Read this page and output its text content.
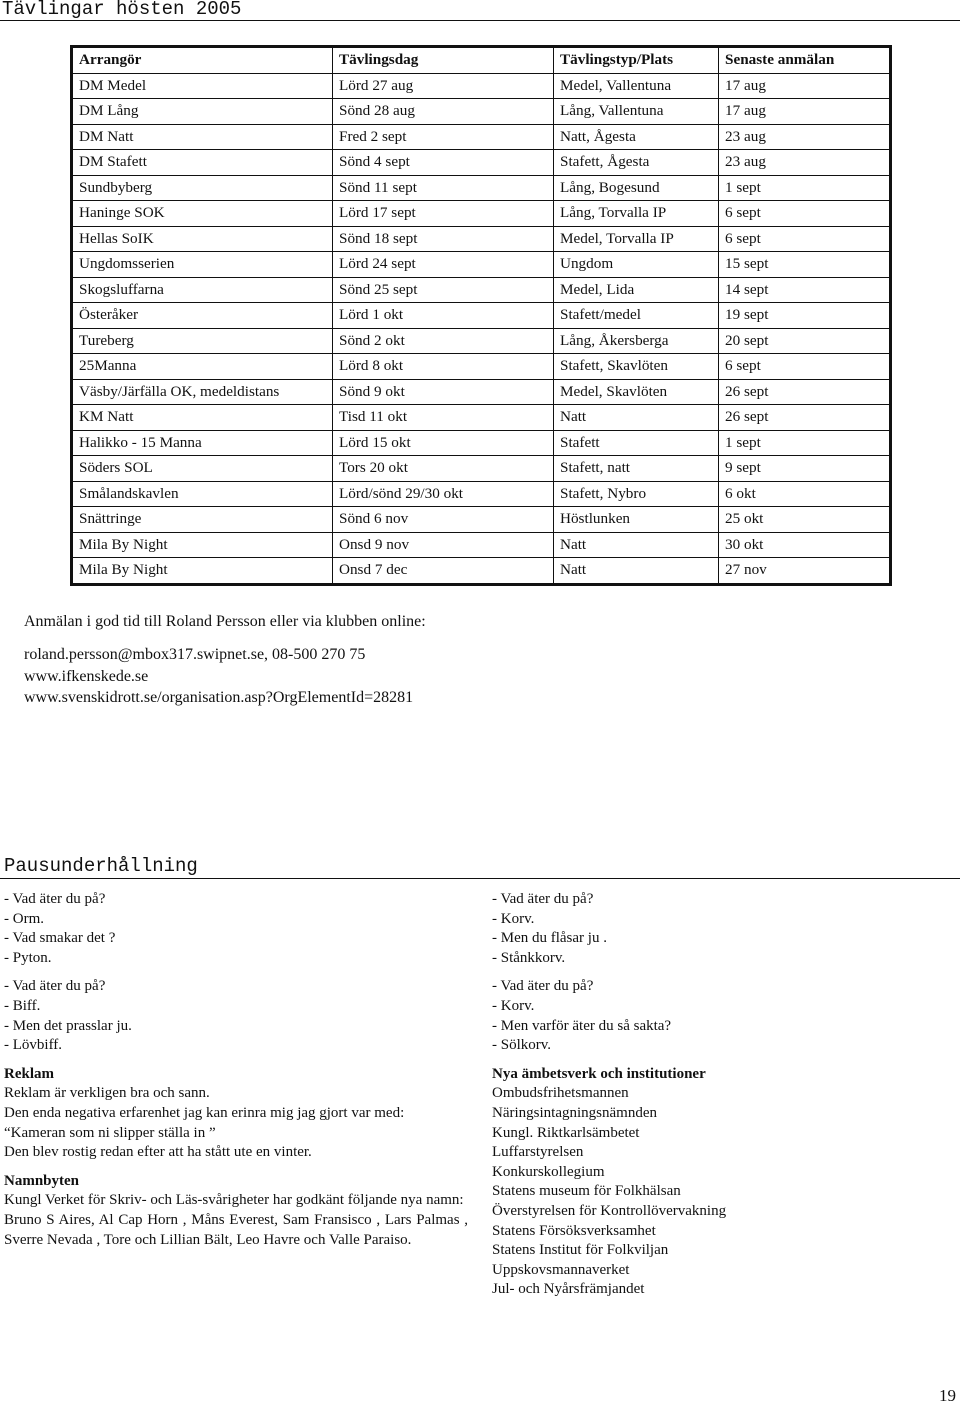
Tävlingar hösten 2005
Arrangör	Tävlingsdag	Tävlingstyp/Plats	Senaste anmälan
DM Medel	Lörd 27 aug	Medel, Vallentuna	17 aug
DM Lång	Sönd 28 aug	Lång, Vallentuna	17 aug
DM Natt	Fred 2 sept	Natt, Ågesta	23 aug
DM Stafett	Sönd 4 sept	Stafett, Ågesta	23 aug
Sundbyberg	Sönd 11 sept	Lång, Bogesund	1 sept
Haninge SOK	Lörd 17 sept	Lång, Torvalla IP	6 sept
Hellas SoIK	Sönd 18 sept	Medel, Torvalla IP	6 sept
Ungdomsserien	Lörd 24 sept	Ungdom	15 sept
Skogsluffarna	Sönd 25 sept	Medel, Lida	14 sept
Österåker	Lörd 1 okt	Stafett/medel	19 sept
Tureberg	Sönd 2 okt	Lång, Åkersberga	20 sept
25Manna	Lörd 8 okt	Stafett, Skavlöten	6 sept
Väsby/Järfälla OK, medeldistans	Sönd 9 okt	Medel, Skavlöten	26 sept
KM Natt	Tisd 11 okt	Natt	26 sept
Halikko - 15 Manna	Lörd 15 okt	Stafett	1 sept
Söders SOL	Tors 20 okt	Stafett, natt	9 sept
Smålandskavlen	Lörd/sönd 29/30 okt	Stafett, Nybro	6 okt
Snättringe	Sönd 6 nov	Höstlunken	25 okt
Mila By Night	Onsd 9 nov	Natt	30 okt
Mila By Night	Onsd 7 dec	Natt	27 nov
Anmälan i god tid till Roland Persson eller via klubben online:
roland.persson@mbox317.swipnet.se, 08-500 270 75
www.ifkenskede.se
www.svenskidrott.se/organisation.asp?OrgElementId=28281
Pausunderhållning
- Vad äter du på?
- Orm.
- Vad smakar det ?
- Pyton.
- Vad äter du på?
- Biff.
- Men det prasslar ju.
- Lövbiff.
Reklam
Reklam är verkligen bra och sann.
Den enda negativa erfarenhet jag kan erinra mig jag gjort var med:
“Kameran som ni slipper ställa in ”
Den blev rostig redan efter att ha stått ute en vinter.
Namnbyten
Kungl Verket för Skriv- och Läs-svårigheter har godkänt följande nya namn:
Bruno S Aires, Al Cap Horn , Måns Everest, Sam Fransisco , Lars Palmas , Sverre Nevada , Tore och Lillian Bält, Leo Havre och Valle Paraiso.
- Vad äter du på?
- Korv.
- Men du flåsar ju .
- Stånkkorv.
- Vad äter du på?
- Korv.
- Men varför äter du så sakta?
- Sölkorv.
Nya ämbetsverk och institutioner
Ombudsfrihetsmannen
Näringsintagningsnämnden
Kungl. Riktkarlsämbetet
Luffarstyrelsen
Konkurskollegium
Statens museum för Folkhälsan
Överstyrelsen för Kontrollövervakning
Statens Försöksverksamhet
Statens Institut för Folkviljan
Uppskovsmannaverket
Jul- och Nyårsfrämjandet
19
